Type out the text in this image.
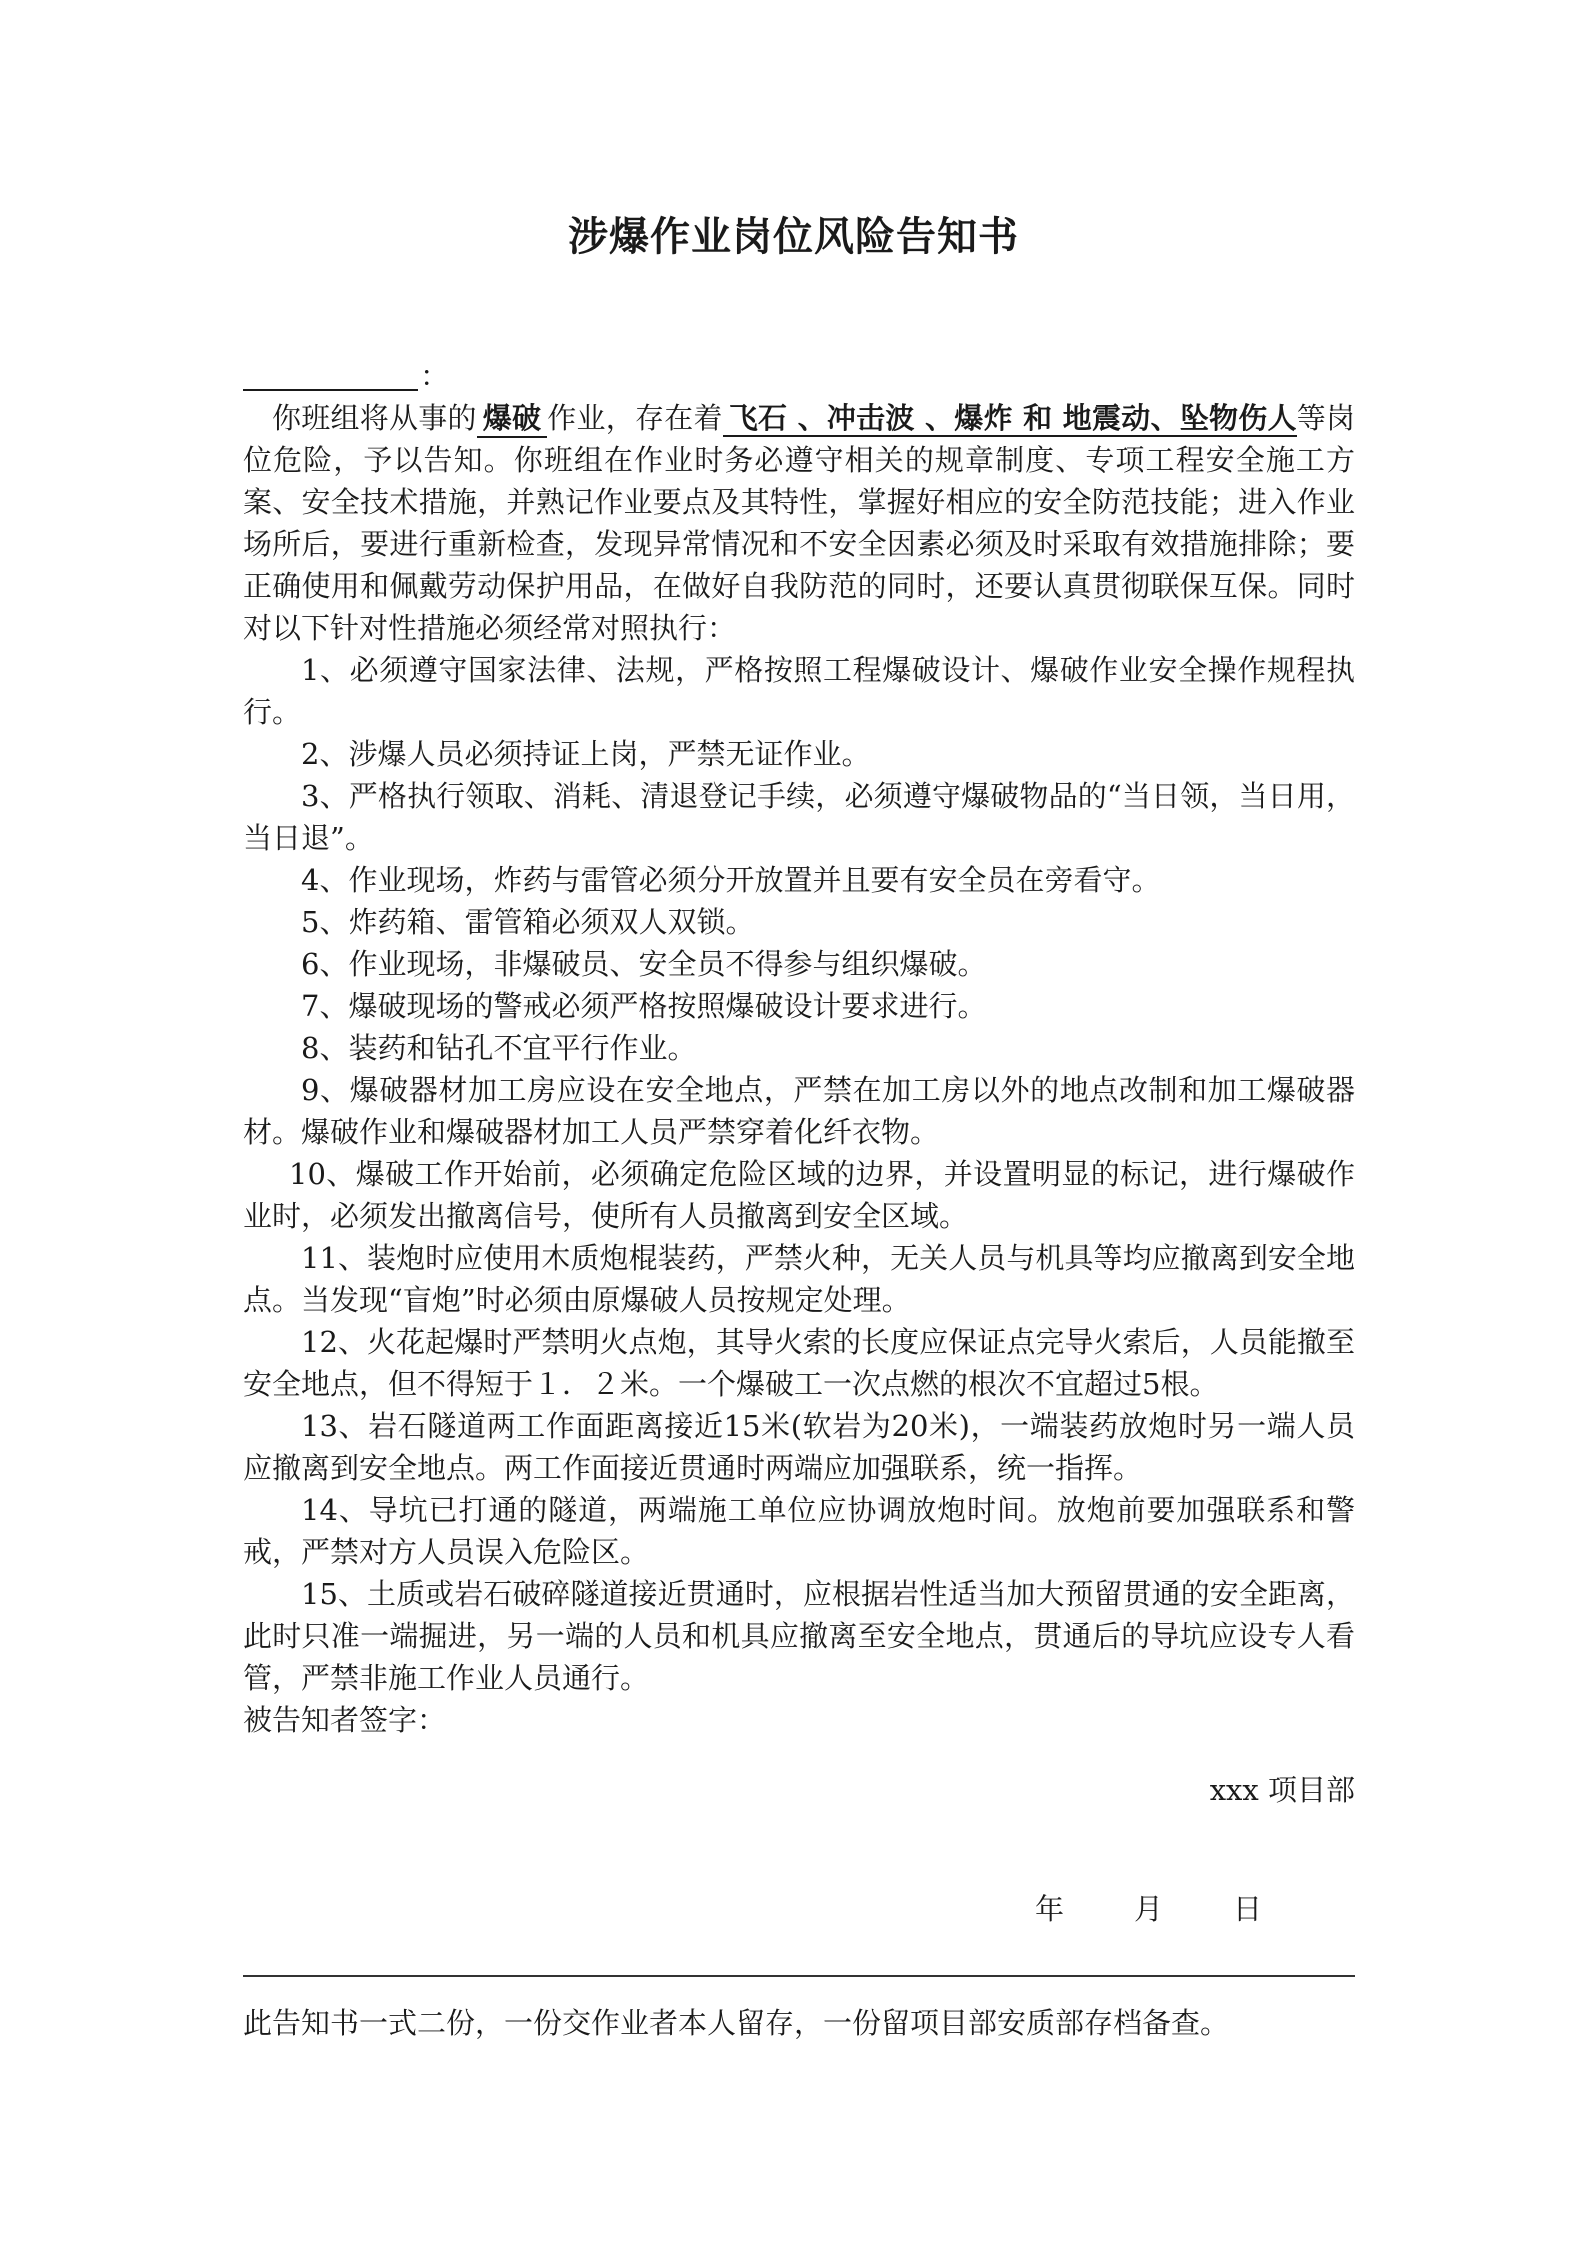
涉爆作业岗位风险告知书
：

你班组将从事的 爆破 作业，存在着 飞石 、冲击波 、爆炸 和 地震动、坠物伤人等岗位危险，予以告知。你班组在作业时务必遵守相关的规章制度、专项工程安全施工方案、安全技术措施，并熟记作业要点及其特性，掌握好相应的安全防范技能；进入作业场所后，要进行重新检查，发现异常情况和不安全因素必须及时采取有效措施排除；要正确使用和佩戴劳动保护用品，在做好自我防范的同时，还要认真贯彻联保互保。同时对以下针对性措施必须经常对照执行：

1、必须遵守国家法律、法规，严格按照工程爆破设计、爆破作业安全操作规程执行。

2、涉爆人员必须持证上岗，严禁无证作业。

3、严格执行领取、消耗、清退登记手续，必须遵守爆破物品的“当日领，当日用，当日退”。

4、作业现场，炸药与雷管必须分开放置并且要有安全员在旁看守。

5、炸药箱、雷管箱必须双人双锁。

6、作业现场，非爆破员、安全员不得参与组织爆破。

7、爆破现场的警戒必须严格按照爆破设计要求进行。

8、装药和钻孔不宜平行作业。

9、爆破器材加工房应设在安全地点，严禁在加工房以外的地点改制和加工爆破器材。爆破作业和爆破器材加工人员严禁穿着化纤衣物。

10、爆破工作开始前，必须确定危险区域的边界，并设置明显的标记，进行爆破作业时，必须发出撤离信号，使所有人员撤离到安全区域。

11、装炮时应使用木质炮棍装药，严禁火种，无关人员与机具等均应撤离到安全地点。当发现“盲炮”时必须由原爆破人员按规定处理。

12、火花起爆时严禁明火点炮，其导火索的长度应保证点完导火索后，人员能撤至安全地点，但不得短于１．２米。一个爆破工一次点燃的根次不宜超过5根。

13、岩石隧道两工作面距离接近15米(软岩为20米)，一端装药放炮时另一端人员应撤离到安全地点。两工作面接近贯通时两端应加强联系，统一指挥。

14、导坑已打通的隧道，两端施工单位应协调放炮时间。放炮前要加强联系和警戒，严禁对方人员误入危险区。

15、土质或岩石破碎隧道接近贯通时，应根据岩性适当加大预留贯通的安全距离，此时只准一端掘进，另一端的人员和机具应撤离至安全地点，贯通后的导坑应设专人看管，严禁非施工作业人员通行。

被告知者签字：

xxx 项目部

年 月 日
此告知书一式二份，一份交作业者本人留存，一份留项目部安质部存档备查。
